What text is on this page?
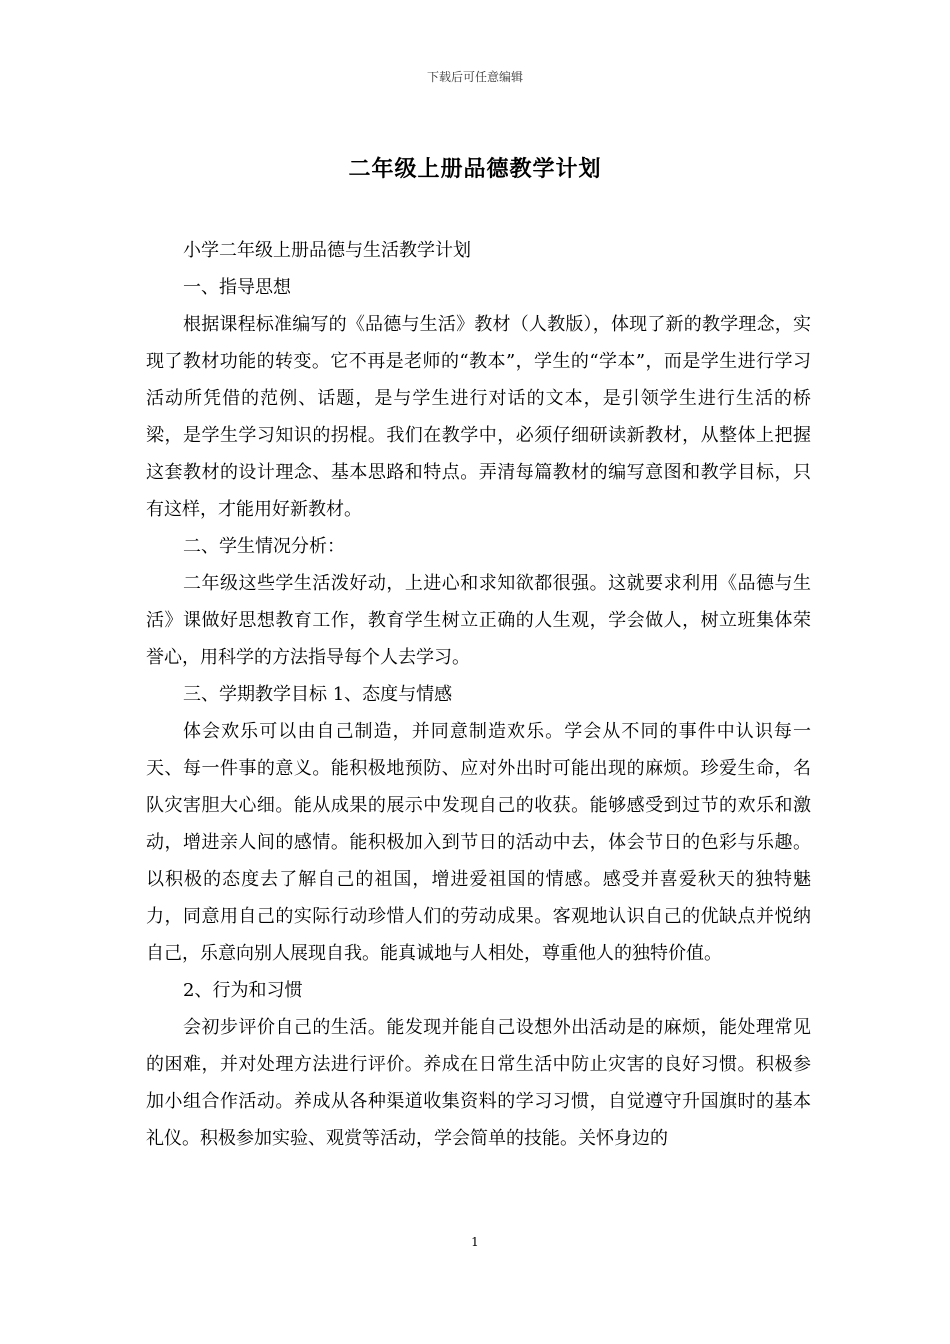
下载后可任意编辑
二年级上册品德教学计划

小学二年级上册品德与生活教学计划

一、指导思想

根据课程标准编写的《品德与生活》教材（人教版），体现了新的教学理念，实现了教材功能的转变。它不再是老师的“教本”，学生的“学本”，而是学生进行学习活动所凭借的范例、话题，是与学生进行对话的文本，是引领学生进行生活的桥梁，是学生学习知识的拐棍。我们在教学中，必须仔细研读新教材，从整体上把握这套教材的设计理念、基本思路和特点。弄清每篇教材的编写意图和教学目标，只有这样，才能用好新教材。

二、学生情况分析：

二年级这些学生活泼好动，上进心和求知欲都很强。这就要求利用《品德与生活》课做好思想教育工作，教育学生树立正确的人生观，学会做人，树立班集体荣誉心，用科学的方法指导每个人去学习。

三、学期教学目标 1、态度与情感

体会欢乐可以由自己制造，并同意制造欢乐。学会从不同的事件中认识每一天、每一件事的意义。能积极地预防、应对外出时可能出现的麻烦。珍爱生命，名队灾害胆大心细。能从成果的展示中发现自己的收获。能够感受到过节的欢乐和激动，增进亲人间的感情。能积极加入到节日的活动中去，体会节日的色彩与乐趣。以积极的态度去了解自己的祖国，增进爱祖国的情感。感受并喜爱秋天的独特魅力，同意用自己的实际行动珍惜人们的劳动成果。客观地认识自己的优缺点并悦纳自己，乐意向别人展现自我。能真诚地与人相处，尊重他人的独特价值。

2、行为和习惯

会初步评价自己的生活。能发现并能自己设想外出活动是的麻烦，能处理常见的困难，并对处理方法进行评价。养成在日常生活中防止灾害的良好习惯。积极参加小组合作活动。养成从各种渠道收集资料的学习习惯，自觉遵守升国旗时的基本礼仪。积极参加实验、观赏等活动，学会简单的技能。关怀身边的

1
